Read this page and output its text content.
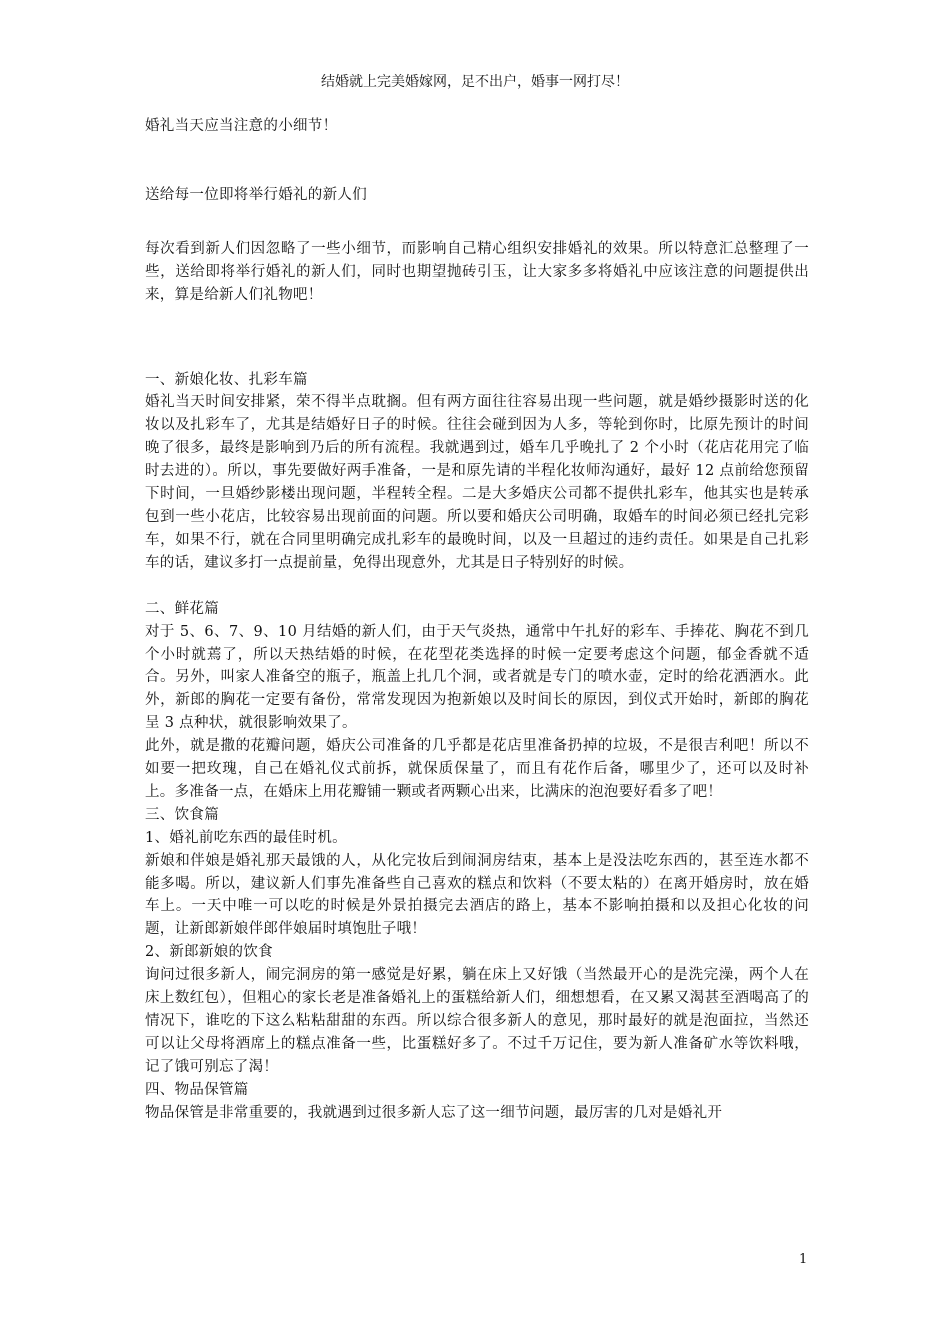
结婚就上完美婚嫁网，足不出户，婚事一网打尽！

婚礼当天应当注意的小细节！

送给每一位即将举行婚礼的新人们

每次看到新人们因忽略了一些小细节，而影响自己精心组织安排婚礼的效果。所以特意汇总整理了一些，送给即将举行婚礼的新人们，同时也期望抛砖引玉，让大家多多将婚礼中应该注意的问题提供出来，算是给新人们礼物吧！

一、新娘化妆、扎彩车篇

婚礼当天时间安排紧，荣不得半点耽搁。但有两方面往往容易出现一些问题，就是婚纱摄影时送的化妆以及扎彩车了，尤其是结婚好日子的时候。往往会碰到因为人多，等轮到你时，比原先预计的时间晚了很多，最终是影响到乃后的所有流程。我就遇到过，婚车几乎晚扎了 2 个小时（花店花用完了临时去进的）。所以，事先要做好两手准备，一是和原先请的半程化妆师沟通好，最好 12 点前给您预留下时间，一旦婚纱影楼出现问题，半程转全程。二是大多婚庆公司都不提供扎彩车，他其实也是转承包到一些小花店，比较容易出现前面的问题。所以要和婚庆公司明确，取婚车的时间必须已经扎完彩车，如果不行，就在合同里明确完成扎彩车的最晚时间，以及一旦超过的违约责任。如果是自己扎彩车的话，建议多打一点提前量，免得出现意外，尤其是日子特别好的时候。

二、鲜花篇

对于 5、6、7、9、10 月结婚的新人们，由于天气炎热，通常中午扎好的彩车、手捧花、胸花不到几个小时就蔫了，所以天热结婚的时候，在花型花类选择的时候一定要考虑这个问题，郁金香就不适合。另外，叫家人准备空的瓶子，瓶盖上扎几个洞，或者就是专门的喷水壶，定时的给花洒洒水。此外，新郎的胸花一定要有备份，常常发现因为抱新娘以及时间长的原因，到仪式开始时，新郎的胸花呈 3 点种状，就很影响效果了。

此外，就是撒的花瓣问题，婚庆公司准备的几乎都是花店里准备扔掉的垃圾，不是很吉利吧！所以不如要一把玫瑰，自己在婚礼仪式前拆，就保质保量了，而且有花作后备，哪里少了，还可以及时补上。多准备一点，在婚床上用花瓣铺一颗或者两颗心出来，比满床的泡泡要好看多了吧！

三、饮食篇

1、婚礼前吃东西的最佳时机。

新娘和伴娘是婚礼那天最饿的人，从化完妆后到闹洞房结束，基本上是没法吃东西的，甚至连水都不能多喝。所以，建议新人们事先准备些自己喜欢的糕点和饮料（不要太粘的）在离开婚房时，放在婚车上。一天中唯一可以吃的时候是外景拍摄完去酒店的路上，基本不影响拍摄和以及担心化妆的问题，让新郎新娘伴郎伴娘届时填饱肚子哦！

2、新郎新娘的饮食

询问过很多新人，闹完洞房的第一感觉是好累，躺在床上又好饿（当然最开心的是洗完澡，两个人在床上数红包），但粗心的家长老是准备婚礼上的蛋糕给新人们，细想想看，在又累又渴甚至酒喝高了的情况下，谁吃的下这么粘粘甜甜的东西。所以综合很多新人的意见，那时最好的就是泡面拉，当然还可以让父母将酒席上的糕点准备一些，比蛋糕好多了。不过千万记住，要为新人准备矿水等饮料哦，记了饿可别忘了渴！

四、物品保管篇

物品保管是非常重要的，我就遇到过很多新人忘了这一细节问题，最厉害的几对是婚礼开

1
